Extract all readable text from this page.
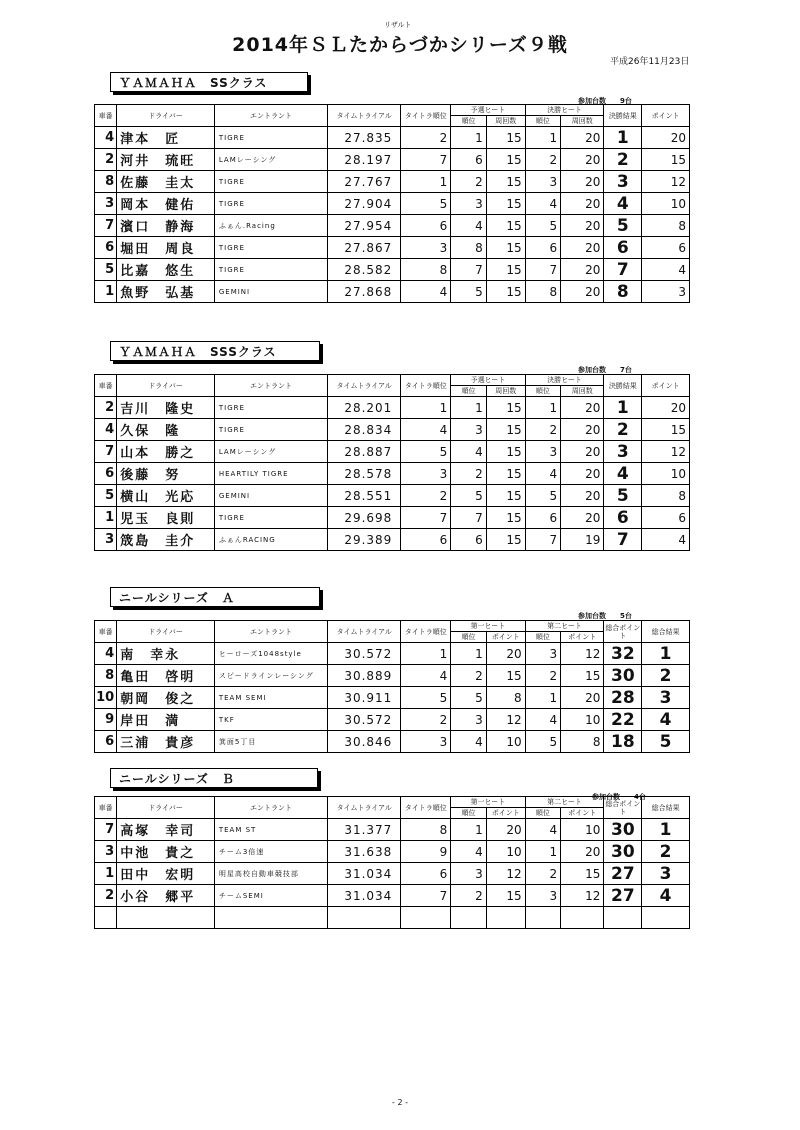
リザルト
2014年ＳＬたからづかシリーズ９戦
平成26年11月23日
ＹＡＭＡＨＡ　SSクラス
参加台数 9台
車番	ドライバー	エントラント	タイムトライアル	タイトラ順位	予選ヒート		決勝ヒート		決勝結果	ポイント
					順位	周回数	順位	周回数		
4	津本　匠	TIGRE	27.835	2	1	15	1	20	1	20
2	河井　琉旺	LAMレーシング	28.197	7	6	15	2	20	2	15
8	佐藤　圭太	TIGRE	27.767	1	2	15	3	20	3	12
3	岡本　健佑	TIGRE	27.904	5	3	15	4	20	4	10
7	濱口　静海	ふぁん.Racing	27.954	6	4	15	5	20	5	8
6	堀田　周良	TIGRE	27.867	3	8	15	6	20	6	6
5	比嘉　悠生	TIGRE	28.582	8	7	15	7	20	7	4
1	魚野　弘基	GEMINI	27.868	4	5	15	8	20	8	3
ＹＡＭＡＨＡ　SSSクラス
参加台数 7台
車番	ドライバー	エントラント	タイムトライアル	タイトラ順位	予選ヒート		決勝ヒート		決勝結果	ポイント
					順位	周回数	順位	周回数		
2	吉川　隆史	TIGRE	28.201	1	1	15	1	20	1	20
4	久保　隆	TIGRE	28.834	4	3	15	2	20	2	15
7	山本　勝之	LAMレーシング	28.887	5	4	15	3	20	3	12
6	後藤　努	HEARTILY TIGRE	28.578	3	2	15	4	20	4	10
5	横山　光応	GEMINI	28.551	2	5	15	5	20	5	8
1	児玉　良則	TIGRE	29.698	7	7	15	6	20	6	6
3	筬島　圭介	ふぁんRACING	29.389	6	6	15	7	19	7	4
ニールシリーズ　Ａ
参加台数 5台
車番	ドライバー	エントラント	タイムトライアル	タイトラ順位	第一ヒート		第二ヒート		総合ポイント	総合結果
					順位	ポイント	順位	ポイント		
4	南　幸永	ヒーローズ1048style	30.572	1	1	20	3	12	32	1
8	亀田　啓明	スピードラインレーシング	30.889	4	2	15	2	15	30	2
10	朝岡　俊之	TEAM SEMI	30.911	5	5	8	1	20	28	3
9	岸田　満	TKF	30.572	2	3	12	4	10	22	4
6	三浦　貴彦	箕面5丁目	30.846	3	4	10	5	8	18	5
ニールシリーズ　Ｂ
参加台数 4台
車番	ドライバー	エントラント	タイムトライアル	タイトラ順位	第一ヒート		第二ヒート		総合ポイント	総合結果
					順位	ポイント	順位	ポイント		
7	高塚　幸司	TEAM ST	31.377	8	1	20	4	10	30	1
3	中池　貴之	チーム3倍速	31.638	9	4	10	1	20	30	2
1	田中　宏明	明星高校自動車競技部	31.034	6	3	12	2	15	27	3
2	小谷　郷平	チームSEMI	31.034	7	2	15	3	12	27	4

- 2 -
